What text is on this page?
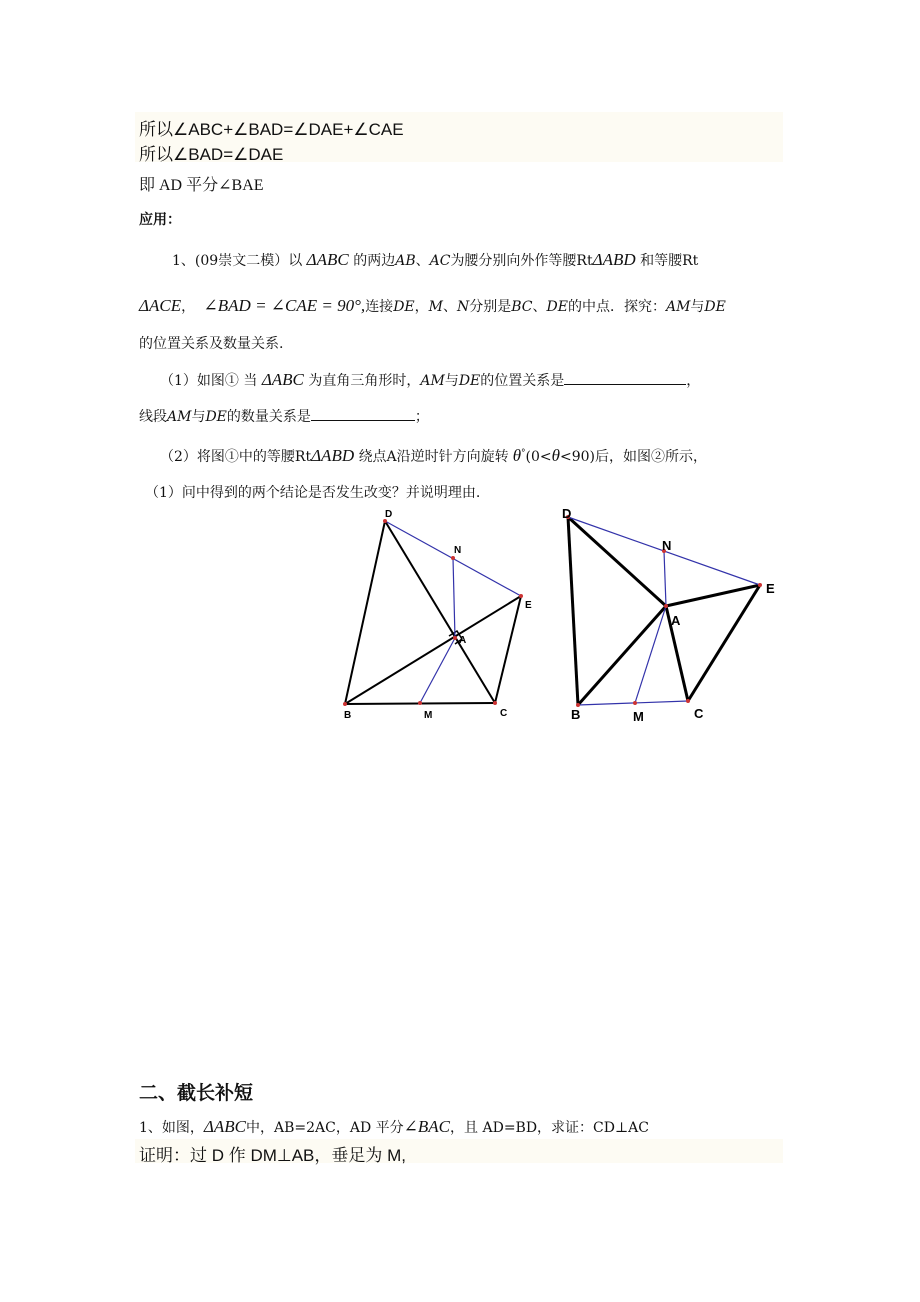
所以∠ABC+∠BAD=∠DAE+∠CAE
所以∠BAD=∠DAE
即 AD 平分∠BAE
应用：
1、(09崇文二模）以 ΔABC 的两边AB、AC为腰分别向外作等腰RtΔABD 和等腰Rt
ΔACE， ∠BAD = ∠CAE = 90°,连接DE，M、N分别是BC、DE的中点．探究：AM与DE
的位置关系及数量关系.
（1）如图① 当 ΔABC 为直角三角形时，AM与DE的位置关系是	，
线段AM与DE的数量关系是	；
（2）将图①中的等腰RtΔABD 绕点A沿逆时针方向旋转 θ°(0<θ<90)后，如图②所示，
（1）问中得到的两个结论是否发生改变？并说明理由.
D
N
E
A
B	M	C
D
N
E
A
B	M	C
二、截长补短
1、如图，ΔABC中，AB=2AC，AD 平分∠BAC，且 AD=BD，求证：CD⊥AC
证明：过 D 作 DM⊥AB，垂足为 M,
